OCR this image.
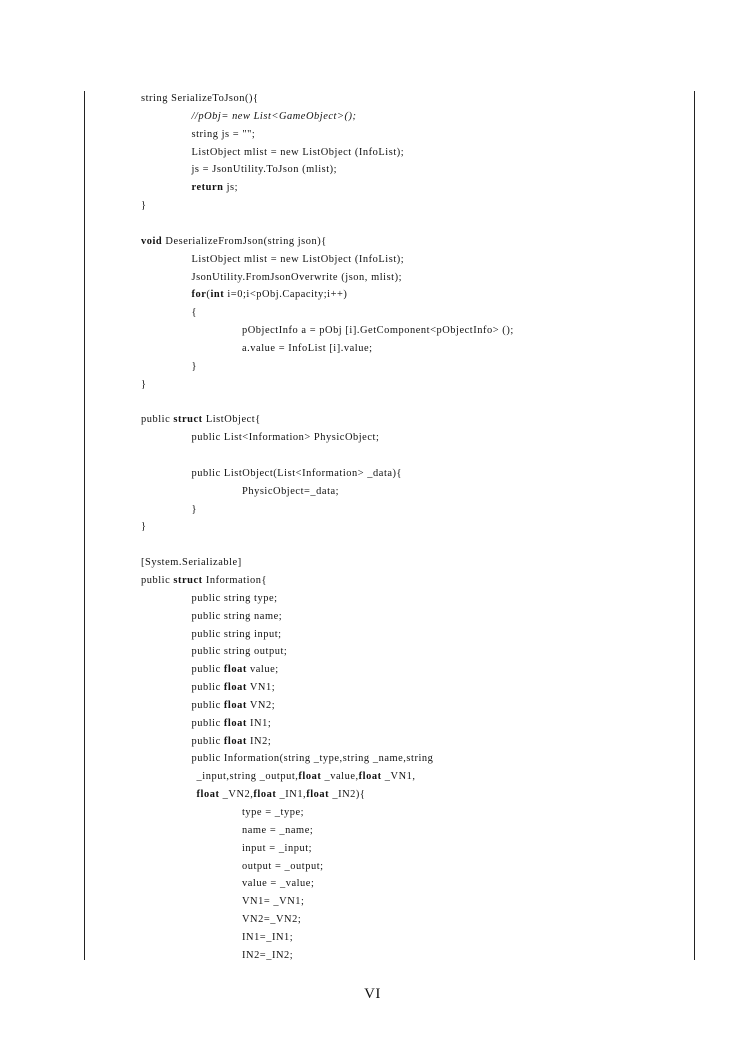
string SerializeToJson(){
//pObj= new List<GameObject>();
string js = "";
ListObject mlist = new ListObject (InfoList);
js = JsonUtility.ToJson (mlist);
return js;
}
void DeserializeFromJson(string json){
ListObject mlist = new ListObject (InfoList);
JsonUtility.FromJsonOverwrite (json, mlist);
for(int i=0;i<pObj.Capacity;i++)
{
pObjectInfo a = pObj [i].GetComponent<pObjectInfo> ();
a.value = InfoList [i].value;
}
}
public struct ListObject{
public List<Information> PhysicObject;
public ListObject(List<Information> _data){
PhysicObject=_data;
}
}
[System.Serializable]
public struct Information{
public string type;
public string name;
public string input;
public string output;
public float value;
public float VN1;
public float VN2;
public float IN1;
public float IN2;
public Information(string _type,string _name,string
_input,string _output,float _value,float _VN1,
float _VN2,float _IN1,float _IN2){
type = _type;
name = _name;
input = _input;
output = _output;
value = _value;
VN1= _VN1;
VN2=_VN2;
IN1=_IN1;
IN2=_IN2;
VI
